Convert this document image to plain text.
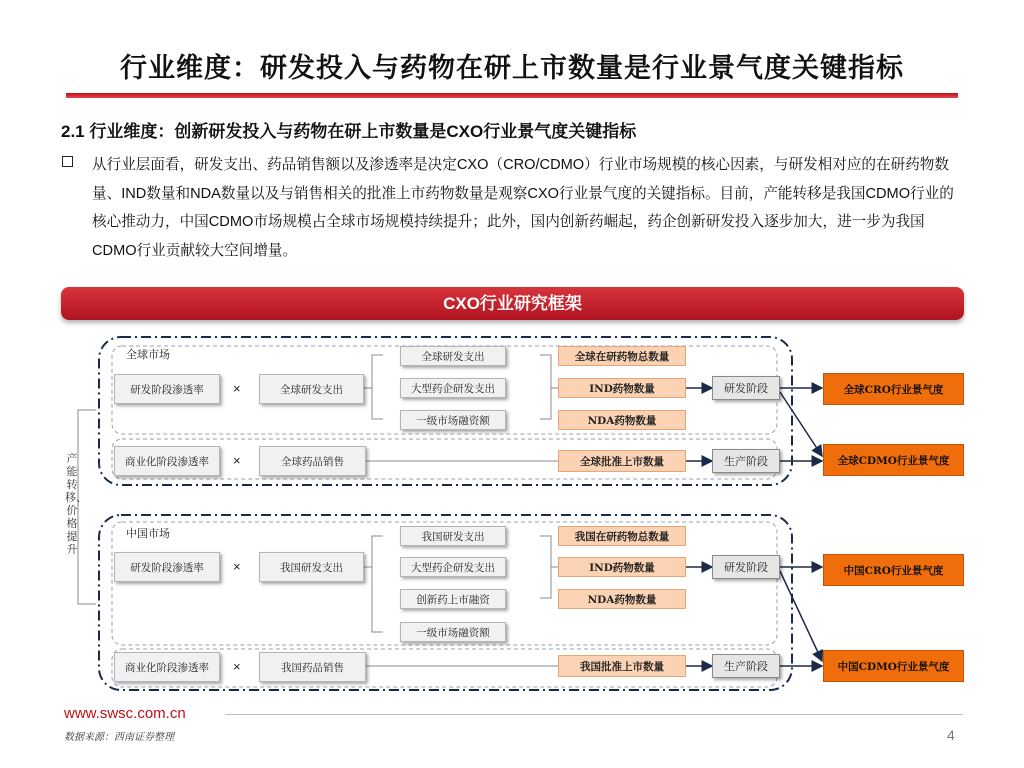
行业维度：研发投入与药物在研上市数量是行业景气度关键指标
2.1 行业维度：创新研发投入与药物在研上市数量是CXO行业景气度关键指标

从行业层面看，研发支出、药品销售额以及渗透率是决定CXO（CRO/CDMO）行业市场规模的核心因素，与研发相对应的在研药物数量、IND数量和NDA数量以及与销售相关的批准上市药物数量是观察CXO行业景气度的关键指标。目前，产能转移是我国CDMO行业的核心推动力，中国CDMO市场规模占全球市场规模持续提升；此外，国内创新药崛起，药企创新研发投入逐步加大，进一步为我国CDMO行业贡献较大空间增量。

CXO行业研究框架
产能转移、价格提升
全球市场
研发阶段渗透率	×	全球研发支出
全球研发支出
大型药企研发支出
一级市场融资额
全球在研药物总数量
IND药物数量
NDA药物数量
研发阶段
商业化阶段渗透率	×	全球药品销售	全球批准上市数量	生产阶段
全球CRO行业景气度
全球CDMO行业景气度
中国市场
研发阶段渗透率	×	我国研发支出
我国研发支出
大型药企研发支出
创新药上市融资
一级市场融资额
我国在研药物总数量
IND药物数量
NDA药物数量
研发阶段
商业化阶段渗透率	×	我国药品销售	我国批准上市数量	生产阶段
中国CRO行业景气度
中国CDMO行业景气度
www.swsc.com.cn
数据来源：西南证券整理	4
